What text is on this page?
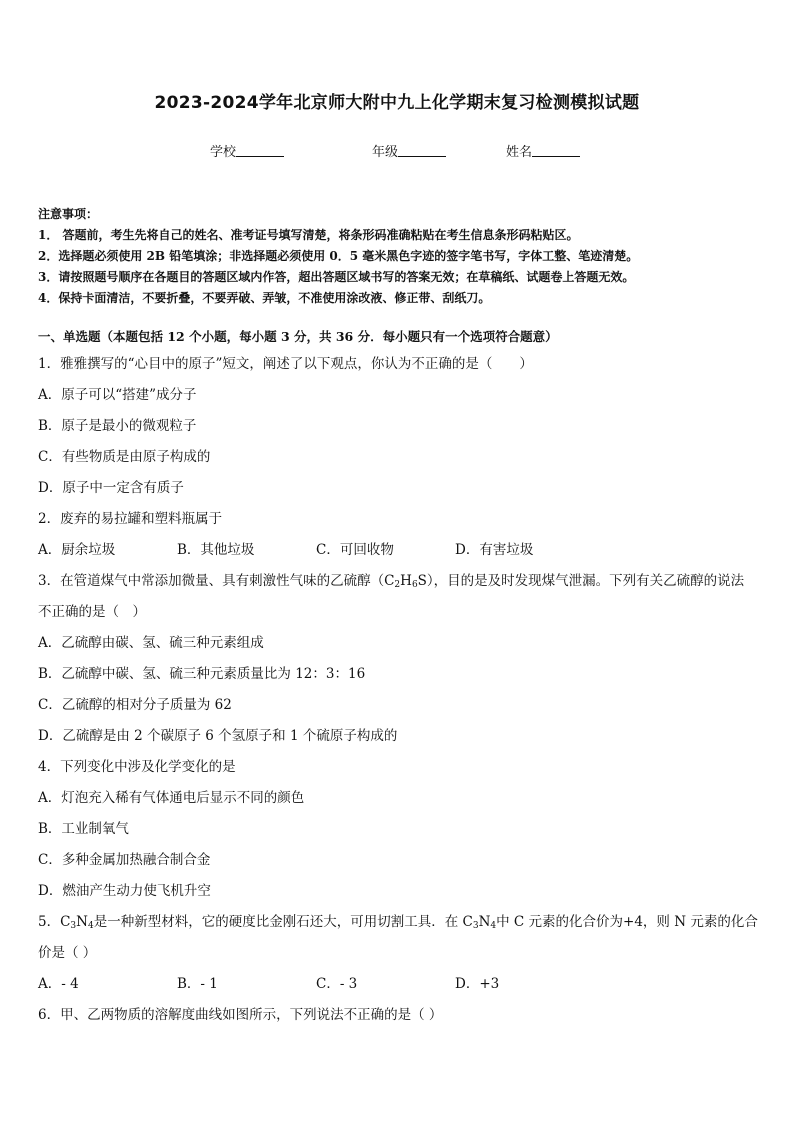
2023-2024学年北京师大附中九上化学期末复习检测模拟试题
学校	年级	姓名
注意事项：
1． 答题前，考生先将自己的姓名、准考证号填写清楚，将条形码准确粘贴在考生信息条形码粘贴区。
2．选择题必须使用 2B 铅笔填涂；非选择题必须使用 0．5 毫米黑色字迹的签字笔书写，字体工整、笔迹清楚。
3．请按照题号顺序在各题目的答题区域内作答，超出答题区域书写的答案无效；在草稿纸、试题卷上答题无效。
4．保持卡面清洁，不要折叠，不要弄破、弄皱，不准使用涂改液、修正带、刮纸刀。
一、单选题（本题包括 12 个小题，每小题 3 分，共 36 分．每小题只有一个选项符合题意）
1．雅雅撰写的“心目中的原子”短文，阐述了以下观点，你认为不正确的是（　　）
A．原子可以“搭建”成分子
B．原子是最小的微观粒子
C．有些物质是由原子构成的
D．原子中一定含有质子
2．废弃的易拉罐和塑料瓶属于
A．厨余垃圾	B．其他垃圾	C．可回收物	D．有害垃圾
3．在管道煤气中常添加微量、具有刺激性气味的乙硫醇$(C_2H_6S)$，目的是及时发现煤气泄漏。下列有关乙硫醇的说法
不正确的是（　）
A．乙硫醇由碳、氢、硫三种元素组成
B．乙硫醇中碳、氢、硫三种元素质量比为 12：3：16
C．乙硫醇的相对分子质量为 62
D．乙硫醇是由 2 个碳原子 6 个氢原子和 1 个硫原子构成的
4．下列变化中涉及化学变化的是
A．灯泡充入稀有气体通电后显示不同的颜色
B．工业制氧气
C．多种金属加热融合制合金
D．燃油产生动力使飞机升空
5．$C_3N_4$是一种新型材料，它的硬度比金刚石还大，可用切割工具．在 $C_3N_4$中 C 元素的化合价为+4，则 N 元素的化合
价是（ ）
A．- 4	B．- 1	C．- 3	D．+3
6．甲、乙两物质的溶解度曲线如图所示，下列说法不正确的是（ ）
